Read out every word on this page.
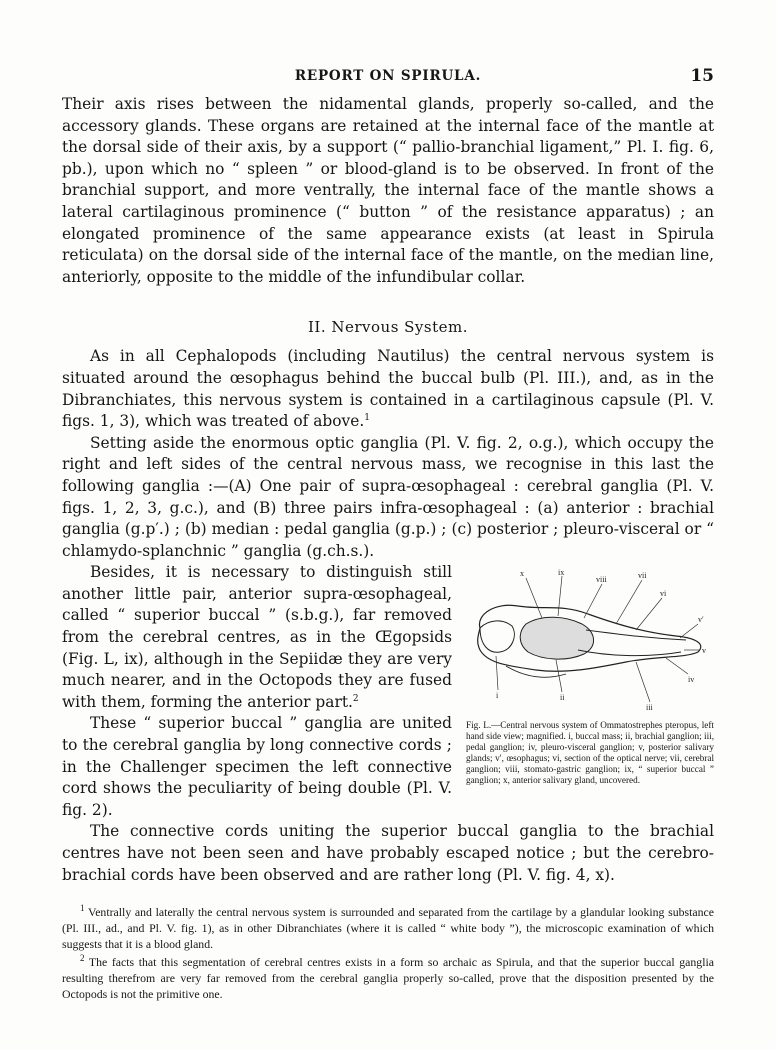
REPORT ON SPIRULA.	15

Their axis rises between the nidamental glands, properly so-called, and the accessory glands. These organs are retained at the internal face of the mantle at the dorsal side of their axis, by a support (“ pallio-branchial ligament,” Pl. I. fig. 6, pb.), upon which no “ spleen ” or blood-gland is to be observed. In front of the branchial support, and more ventrally, the internal face of the mantle shows a lateral cartilaginous prominence (“ button ” of the resistance apparatus) ; an elongated prominence of the same appearance exists (at least in Spirula reticulata) on the dorsal side of the internal face of the mantle, on the median line, anteriorly, opposite to the middle of the infundibular collar.

II. Nervous System.

As in all Cephalopods (including Nautilus) the central nervous system is situated around the œsophagus behind the buccal bulb (Pl. III.), and, as in the Dibranchiates, this nervous system is contained in a cartilaginous capsule (Pl. V. figs. 1, 3), which was treated of above.$^1$

Setting aside the enormous optic ganglia (Pl. V. fig. 2, o.g.), which occupy the right and left sides of the central nervous mass, we recognise in this last the following ganglia :—(A) One pair of supra-œsophageal : cerebral ganglia (Pl. V. figs. 1, 2, 3, g.c.), and (B) three pairs infra-œsophageal : (a) anterior : brachial ganglia (g.p′.) ; (b) median : pedal ganglia (g.p.) ; (c) posterior ; pleuro-visceral or “ chlamydo-splanchnic ” ganglia (g.ch.s.).

x	ix
viii	vii
vi
v′
v
iv
i	ii
iii
Fig. L.—Central nervous system of Ommatostrephes pteropus, left hand side view; magnified. i, buccal mass; ii, brachial ganglion; iii, pedal ganglion; iv, pleuro-visceral ganglion; v, posterior salivary glands; v′, œsophagus; vi, section of the optical nerve; vii, cerebral ganglion; viii, stomato-gastric ganglion; ix, “ superior buccal ” ganglion; x, anterior salivary gland, uncovered.

Besides, it is necessary to distinguish still another little pair, anterior supra-œsophageal, called “ superior buccal ” (s.b.g.), far removed from the cerebral centres, as in the Œgopsids (Fig. L, ix), although in the Sepiidæ they are very much nearer, and in the Octopods they are fused with them, forming the anterior part.$^2$

These “ superior buccal ” ganglia are united to the cerebral ganglia by long connective cords ; in the Challenger specimen the left connective cord shows the peculiarity of being double (Pl. V. fig. 2).

The connective cords uniting the superior buccal ganglia to the brachial centres have not been seen and have probably escaped notice ; but the cerebro-brachial cords have been observed and are rather long (Pl. V. fig. 4, x).

$^1$ Ventrally and laterally the central nervous system is surrounded and separated from the cartilage by a glandular looking substance (Pl. III., ad., and Pl. V. fig. 1), as in other Dibranchiates (where it is called “ white body ”), the microscopic examination of which suggests that it is a blood gland.
$^2$ The facts that this segmentation of cerebral centres exists in a form so archaic as Spirula, and that the superior buccal ganglia resulting therefrom are very far removed from the cerebral ganglia properly so-called, prove that the disposition presented by the Octopods is not the primitive one.
